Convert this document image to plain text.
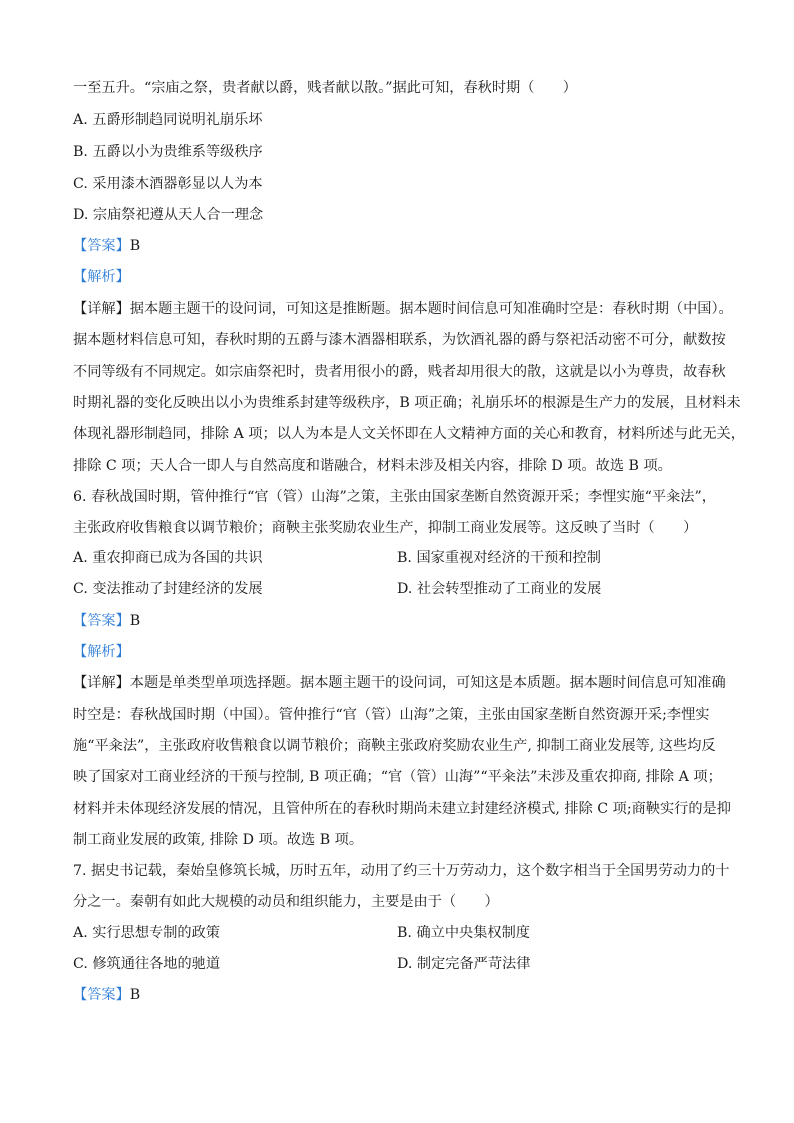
一至五升。“宗庙之祭，贵者献以爵，贱者献以散。”据此可知，春秋时期（　　）
A. 五爵形制趋同说明礼崩乐坏
B. 五爵以小为贵维系等级秩序
C. 采用漆木酒器彰显以人为本
D. 宗庙祭祀遵从天人合一理念
【答案】B
【解析】
【详解】据本题主题干的设问词，可知这是推断题。据本题时间信息可知准确时空是：春秋时期（中国）。
据本题材料信息可知，春秋时期的五爵与漆木酒器相联系，为饮酒礼器的爵与祭祀活动密不可分，献数按
不同等级有不同规定。如宗庙祭祀时，贵者用很小的爵，贱者却用很大的散，这就是以小为尊贵，故春秋
时期礼器的变化反映出以小为贵维系封建等级秩序，B 项正确；礼崩乐坏的根源是生产力的发展，且材料未
体现礼器形制趋同，排除 A 项；以人为本是人文关怀即在人文精神方面的关心和教育，材料所述与此无关，
排除 C 项；天人合一即人与自然高度和谐融合，材料未涉及相关内容，排除 D 项。故选 B 项。
6. 春秋战国时期，管仲推行“官（管）山海”之策，主张由国家垄断自然资源开采；李悝实施“平籴法”，
主张政府收售粮食以调节粮价；商鞅主张奖励农业生产，抑制工商业发展等。这反映了当时（　　）
A. 重农抑商已成为各国的共识	B. 国家重视对经济的干预和控制
C. 变法推动了封建经济的发展	D. 社会转型推动了工商业的发展
【答案】B
【解析】
【详解】本题是单类型单项选择题。据本题主题干的设问词，可知这是本质题。据本题时间信息可知准确
时空是：春秋战国时期（中国）。管仲推行“官（管）山海”之策，主张由国家垄断自然资源开采;李悝实
施“平籴法”，主张政府收售粮食以调节粮价；商鞅主张政府奖励农业生产, 抑制工商业发展等, 这些均反
映了国家对工商业经济的干预与控制, B 项正确；“官（管）山海”“平籴法”未涉及重农抑商, 排除 A 项；
材料并未体现经济发展的情况，且管仲所在的春秋时期尚未建立封建经济模式, 排除 C 项;商鞅实行的是抑
制工商业发展的政策, 排除 D 项。故选 B 项。
7. 据史书记载，秦始皇修筑长城，历时五年，动用了约三十万劳动力，这个数字相当于全国男劳动力的十
分之一。秦朝有如此大规模的动员和组织能力，主要是由于（　　）
A. 实行思想专制的政策	B. 确立中央集权制度
C. 修筑通往各地的驰道	D. 制定完备严苛法律
【答案】B
